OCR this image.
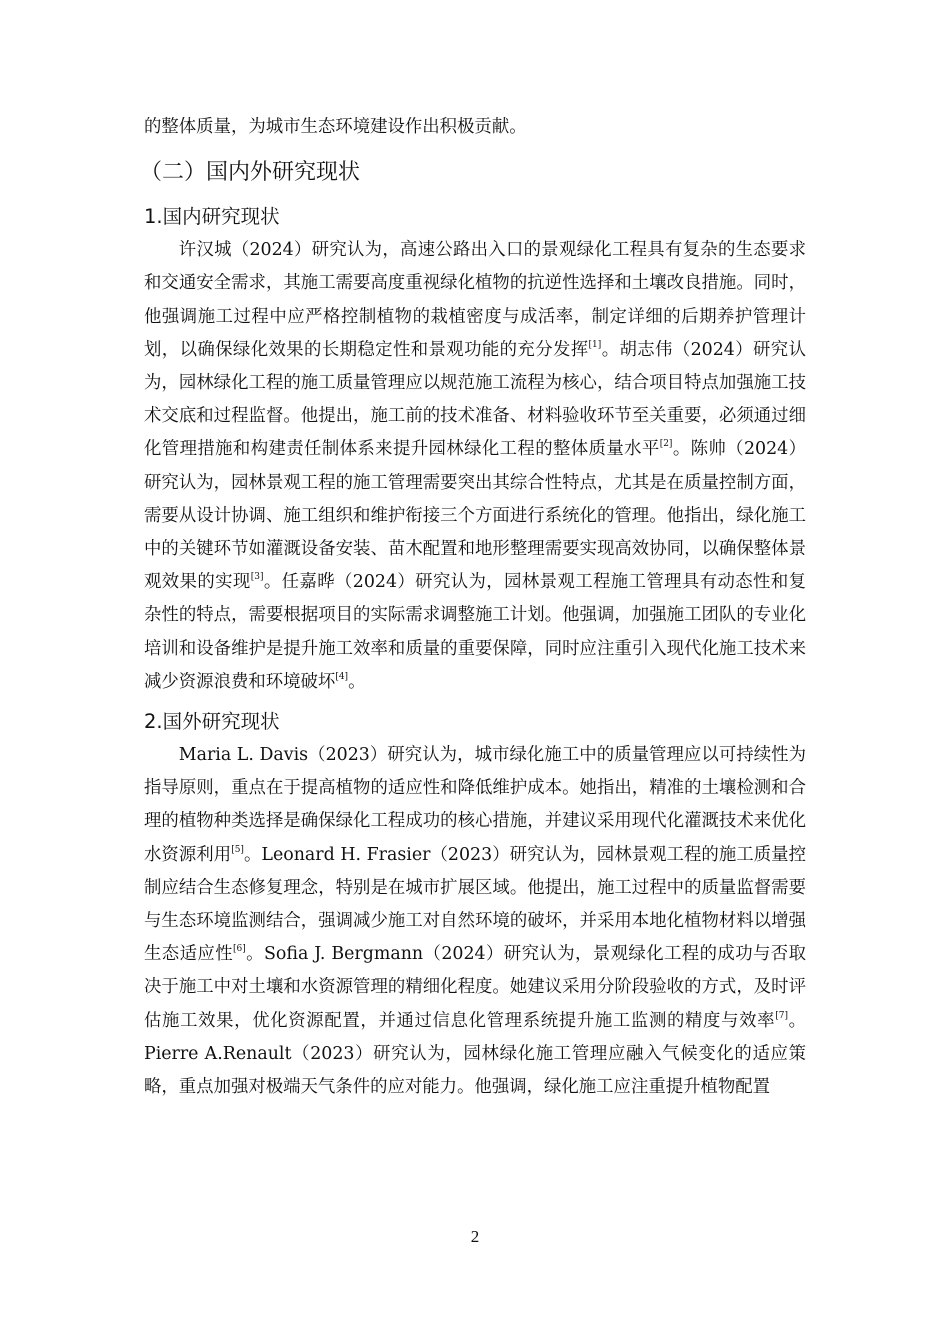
的整体质量，为城市生态环境建设作出积极贡献。

（二）国内外研究现状
1.国内研究现状

许汉城（2024）研究认为，高速公路出入口的景观绿化工程具有复杂的生态要求和交通安全需求，其施工需要高度重视绿化植物的抗逆性选择和土壤改良措施。同时，他强调施工过程中应严格控制植物的栽植密度与成活率，制定详细的后期养护管理计划，以确保绿化效果的长期稳定性和景观功能的充分发挥[1]。胡志伟（2024）研究认为，园林绿化工程的施工质量管理应以规范施工流程为核心，结合项目特点加强施工技术交底和过程监督。他提出，施工前的技术准备、材料验收环节至关重要，必须通过细化管理措施和构建责任制体系来提升园林绿化工程的整体质量水平[2]。陈帅（2024）研究认为，园林景观工程的施工管理需要突出其综合性特点，尤其是在质量控制方面，需要从设计协调、施工组织和维护衔接三个方面进行系统化的管理。他指出，绿化施工中的关键环节如灌溉设备安装、苗木配置和地形整理需要实现高效协同，以确保整体景观效果的实现[3]。任嘉晔（2024）研究认为，园林景观工程施工管理具有动态性和复杂性的特点，需要根据项目的实际需求调整施工计划。他强调，加强施工团队的专业化培训和设备维护是提升施工效率和质量的重要保障，同时应注重引入现代化施工技术来减少资源浪费和环境破坏[4]。

2.国外研究现状

Maria L. Davis（2023）研究认为，城市绿化施工中的质量管理应以可持续性为指导原则，重点在于提高植物的适应性和降低维护成本。她指出，精准的土壤检测和合理的植物种类选择是确保绿化工程成功的核心措施，并建议采用现代化灌溉技术来优化水资源利用[5]。Leonard H. Frasier（2023）研究认为，园林景观工程的施工质量控制应结合生态修复理念，特别是在城市扩展区域。他提出，施工过程中的质量监督需要与生态环境监测结合，强调减少施工对自然环境的破坏，并采用本地化植物材料以增强生态适应性[6]。Sofia J. Bergmann（2024）研究认为，景观绿化工程的成功与否取决于施工中对土壤和水资源管理的精细化程度。她建议采用分阶段验收的方式，及时评估施工效果，优化资源配置，并通过信息化管理系统提升施工监测的精度与效率[7]。Pierre A.Renault（2023）研究认为，园林绿化施工管理应融入气候变化的适应策略，重点加强对极端天气条件的应对能力。他强调，绿化施工应注重提升植物配置

2
